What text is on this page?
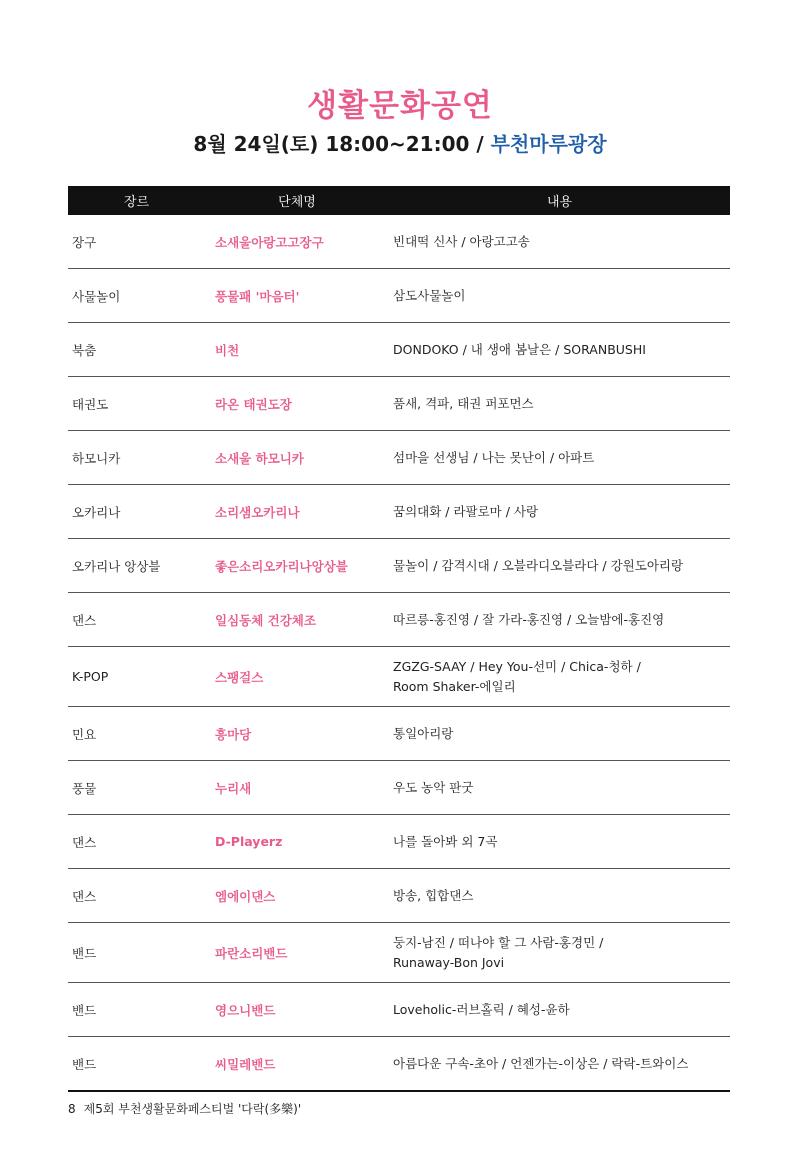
생활문화공연
8월 24일(토) 18:00~21:00 / 부천마루광장
장르	단체명	내용
장구	소새울아랑고고장구	빈대떡 신사 / 아랑고고송
사물놀이	풍물패 '마음터'	삼도사물놀이
북춤	비천	DONDOKO / 내 생애 봄날은 / SORANBUSHI
태권도	라온 태권도장	품새, 격파, 태권 퍼포먼스
하모니카	소새울 하모니카	섬마을 선생님 / 나는 못난이 / 아파트
오카리나	소리샘오카리나	꿈의대화 / 라팔로마 / 사랑
오카리나 앙상블	좋은소리오카리나앙상블	물놀이 / 감격시대 / 오블라디오블라다 / 강원도아리랑
댄스	일심동체 건강체조	따르릉-홍진영 / 잘 가라-홍진영 / 오늘밤에-홍진영
K-POP	스팽걸스	ZGZG-SAAY / Hey You-선미 / Chica-청하 /
Room Shaker-에일리

민요	흥마당	통일아리랑
풍물	누리새	우도 농악 판굿
댄스	D-Playerz	나를 돌아봐 외 7곡
댄스	엠에이댄스	방송, 힙합댄스
밴드	파란소리밴드	둥지-남진 / 떠나야 할 그 사람-홍경민 /
Runaway-Bon Jovi

밴드	영으니밴드	Loveholic-러브홀릭 / 혜성-윤하
밴드	씨밀레밴드	아름다운 구속-초아 / 언젠가는-이상은 / 락락-트와이스
8 제5회 부천생활문화페스티벌 '다락(多樂)'
